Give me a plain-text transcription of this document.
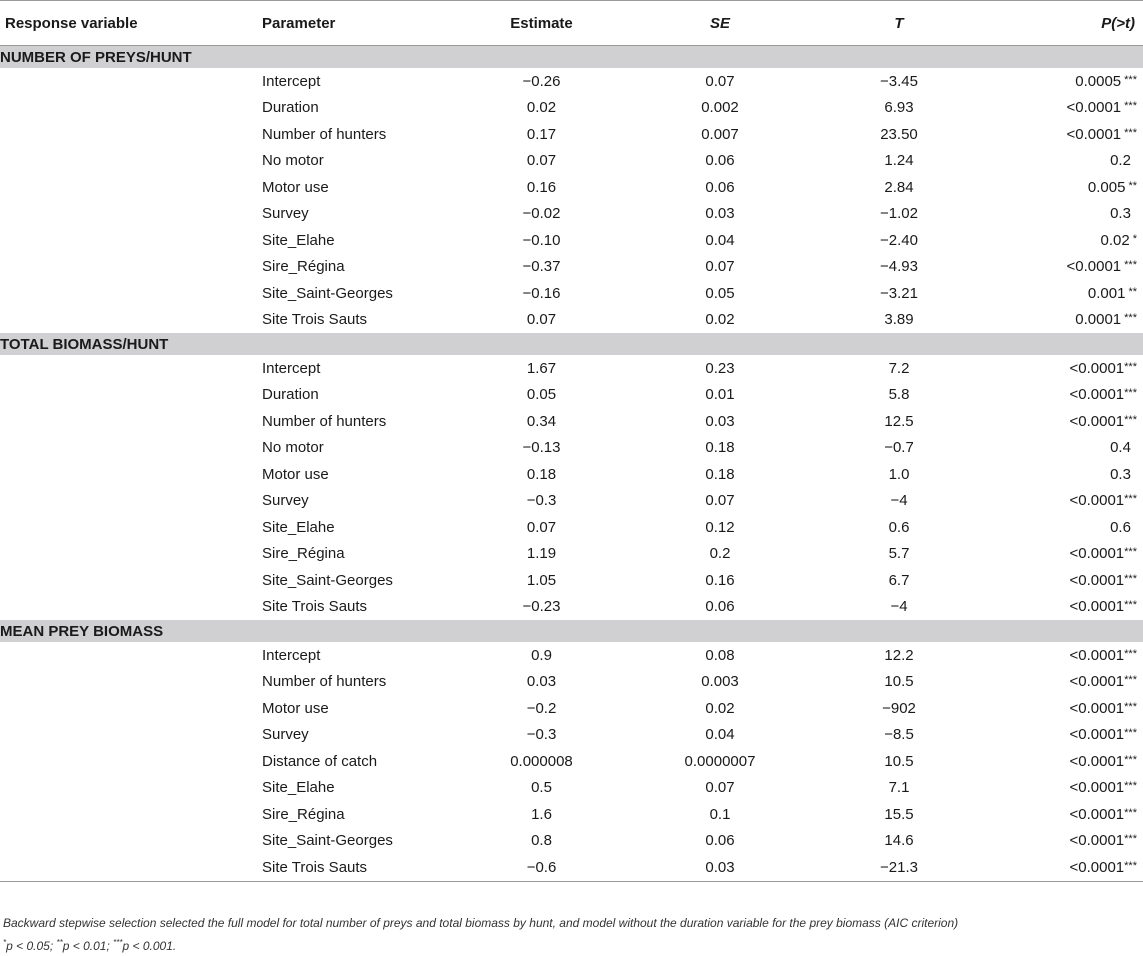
Response variable	Parameter	Estimate	SE	T	P(>t)
NUMBER OF PREYS/HUNT					
	Intercept	−0.26	0.07	−3.45	0.0005 ***
	Duration	0.02	0.002	6.93	<0.0001 ***
	Number of hunters	0.17	0.007	23.50	<0.0001 ***
	No motor	0.07	0.06	1.24	0.2
	Motor use	0.16	0.06	2.84	0.005 **
	Survey	−0.02	0.03	−1.02	0.3
	Site_Elahe	−0.10	0.04	−2.40	0.02 *
	Sire_Régina	−0.37	0.07	−4.93	<0.0001 ***
	Site_Saint-Georges	−0.16	0.05	−3.21	0.001 **
	Site Trois Sauts	0.07	0.02	3.89	0.0001 ***
TOTAL BIOMASS/HUNT					
	Intercept	1.67	0.23	7.2	<0.0001***
	Duration	0.05	0.01	5.8	<0.0001***
	Number of hunters	0.34	0.03	12.5	<0.0001***
	No motor	−0.13	0.18	−0.7	0.4
	Motor use	0.18	0.18	1.0	0.3
	Survey	−0.3	0.07	−4	<0.0001***
	Site_Elahe	0.07	0.12	0.6	0.6
	Sire_Régina	1.19	0.2	5.7	<0.0001***
	Site_Saint-Georges	1.05	0.16	6.7	<0.0001***
	Site Trois Sauts	−0.23	0.06	−4	<0.0001***
MEAN PREY BIOMASS					
	Intercept	0.9	0.08	12.2	<0.0001***
	Number of hunters	0.03	0.003	10.5	<0.0001***
	Motor use	−0.2	0.02	−902	<0.0001***
	Survey	−0.3	0.04	−8.5	<0.0001***
	Distance of catch	0.000008	0.0000007	10.5	<0.0001***
	Site_Elahe	0.5	0.07	7.1	<0.0001***
	Sire_Régina	1.6	0.1	15.5	<0.0001***
	Site_Saint-Georges	0.8	0.06	14.6	<0.0001***
	Site Trois Sauts	−0.6	0.03	−21.3	<0.0001***
Backward stepwise selection selected the full model for total number of preys and total biomass by hunt, and model without the duration variable for the prey biomass (AIC criterion)
*p < 0.05; **p < 0.01; ***p < 0.001.
